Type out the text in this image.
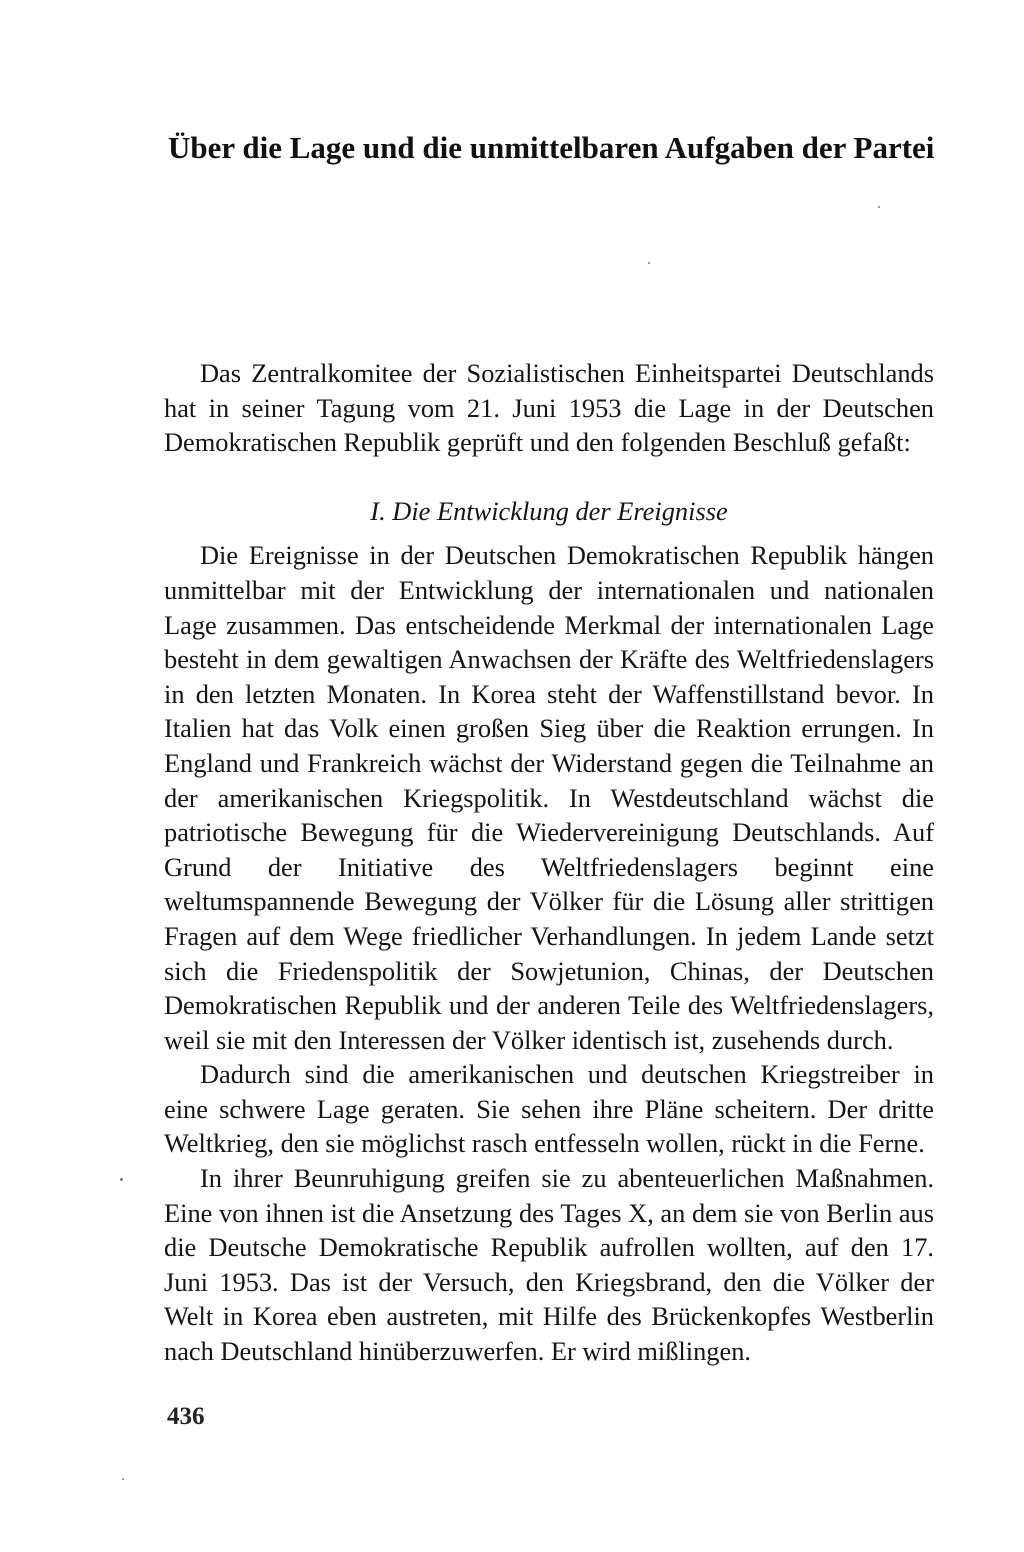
Über die Lage und die unmittelbaren Aufgaben der Partei

Das Zentralkomitee der Sozialistischen Einheitspartei Deutschlands hat in seiner Tagung vom 21. Juni 1953 die Lage in der Deutschen Demokratischen Republik geprüft und den folgenden Beschluß gefaßt:

I. Die Entwicklung der Ereignisse

Die Ereignisse in der Deutschen Demokratischen Republik hängen unmittelbar mit der Entwicklung der internationalen und nationalen Lage zusammen. Das entscheidende Merkmal der internationalen Lage besteht in dem gewaltigen Anwachsen der Kräfte des Weltfriedenslagers in den letzten Monaten. In Korea steht der Waffenstillstand bevor. In Italien hat das Volk einen großen Sieg über die Reaktion errungen. In England und Frankreich wächst der Widerstand gegen die Teilnahme an der amerikanischen Kriegspolitik. In Westdeutschland wächst die patriotische Bewegung für die Wiedervereinigung Deutschlands. Auf Grund der Initiative des Weltfriedenslagers beginnt eine weltumspannende Bewegung der Völker für die Lösung aller strittigen Fragen auf dem Wege friedlicher Verhandlungen. In jedem Lande setzt sich die Friedenspolitik der Sowjetunion, Chinas, der Deutschen Demokratischen Republik und der anderen Teile des Weltfriedenslagers, weil sie mit den Interessen der Völker identisch ist, zusehends durch.

Dadurch sind die amerikanischen und deutschen Kriegstreiber in eine schwere Lage geraten. Sie sehen ihre Pläne scheitern. Der dritte Weltkrieg, den sie möglichst rasch entfesseln wollen, rückt in die Ferne.

In ihrer Beunruhigung greifen sie zu abenteuerlichen Maßnahmen. Eine von ihnen ist die Ansetzung des Tages X, an dem sie von Berlin aus die Deutsche Demokratische Republik aufrollen wollten, auf den 17. Juni 1953. Das ist der Versuch, den Kriegsbrand, den die Völker der Welt in Korea eben austreten, mit Hilfe des Brückenkopfes Westberlin nach Deutschland hinüberzuwerfen. Er wird mißlingen.

436
